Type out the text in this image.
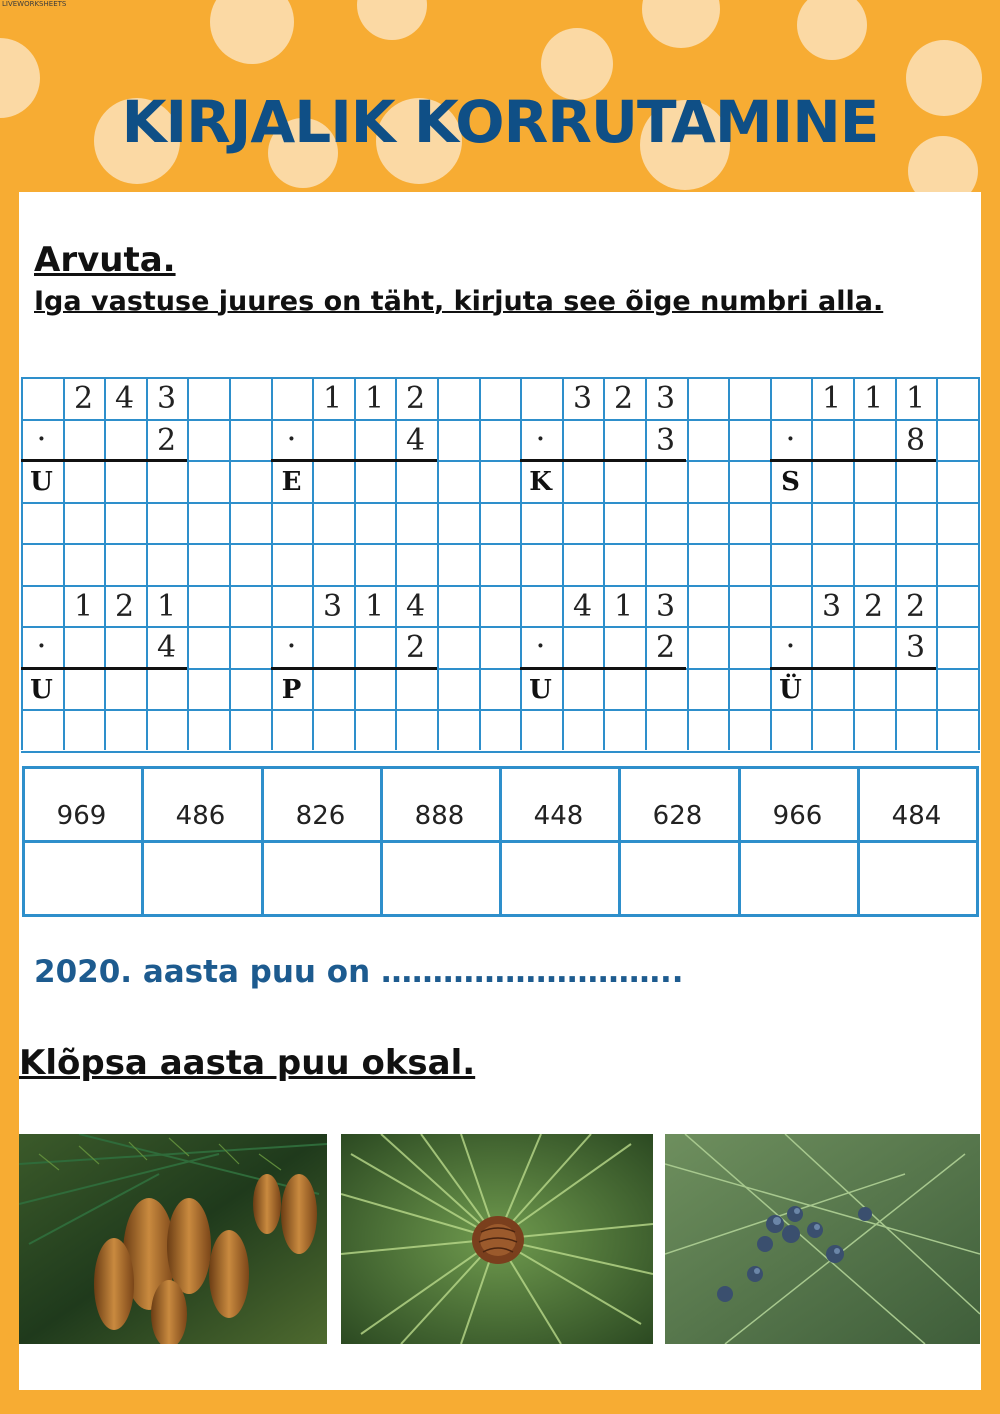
LIVEWORKSHEETS
KIRJALIK KORRUTAMINE
Arvuta.
Iga vastuse juures on täht, kirjuta see õige numbri alla.
2 4 3
·	2
U
1 1 2
·	4
E
3 2 3
·	3
K
1 1 1
·	8
S
1 2 1
·	4
U
3 1 4
·	2
P
4 1 3
·	2
U
3 2 2
·	3
Ü
969	486	826	888	448	628	966	484
2020. aasta puu on ………………………..
Klõpsa aasta puu oksal.
